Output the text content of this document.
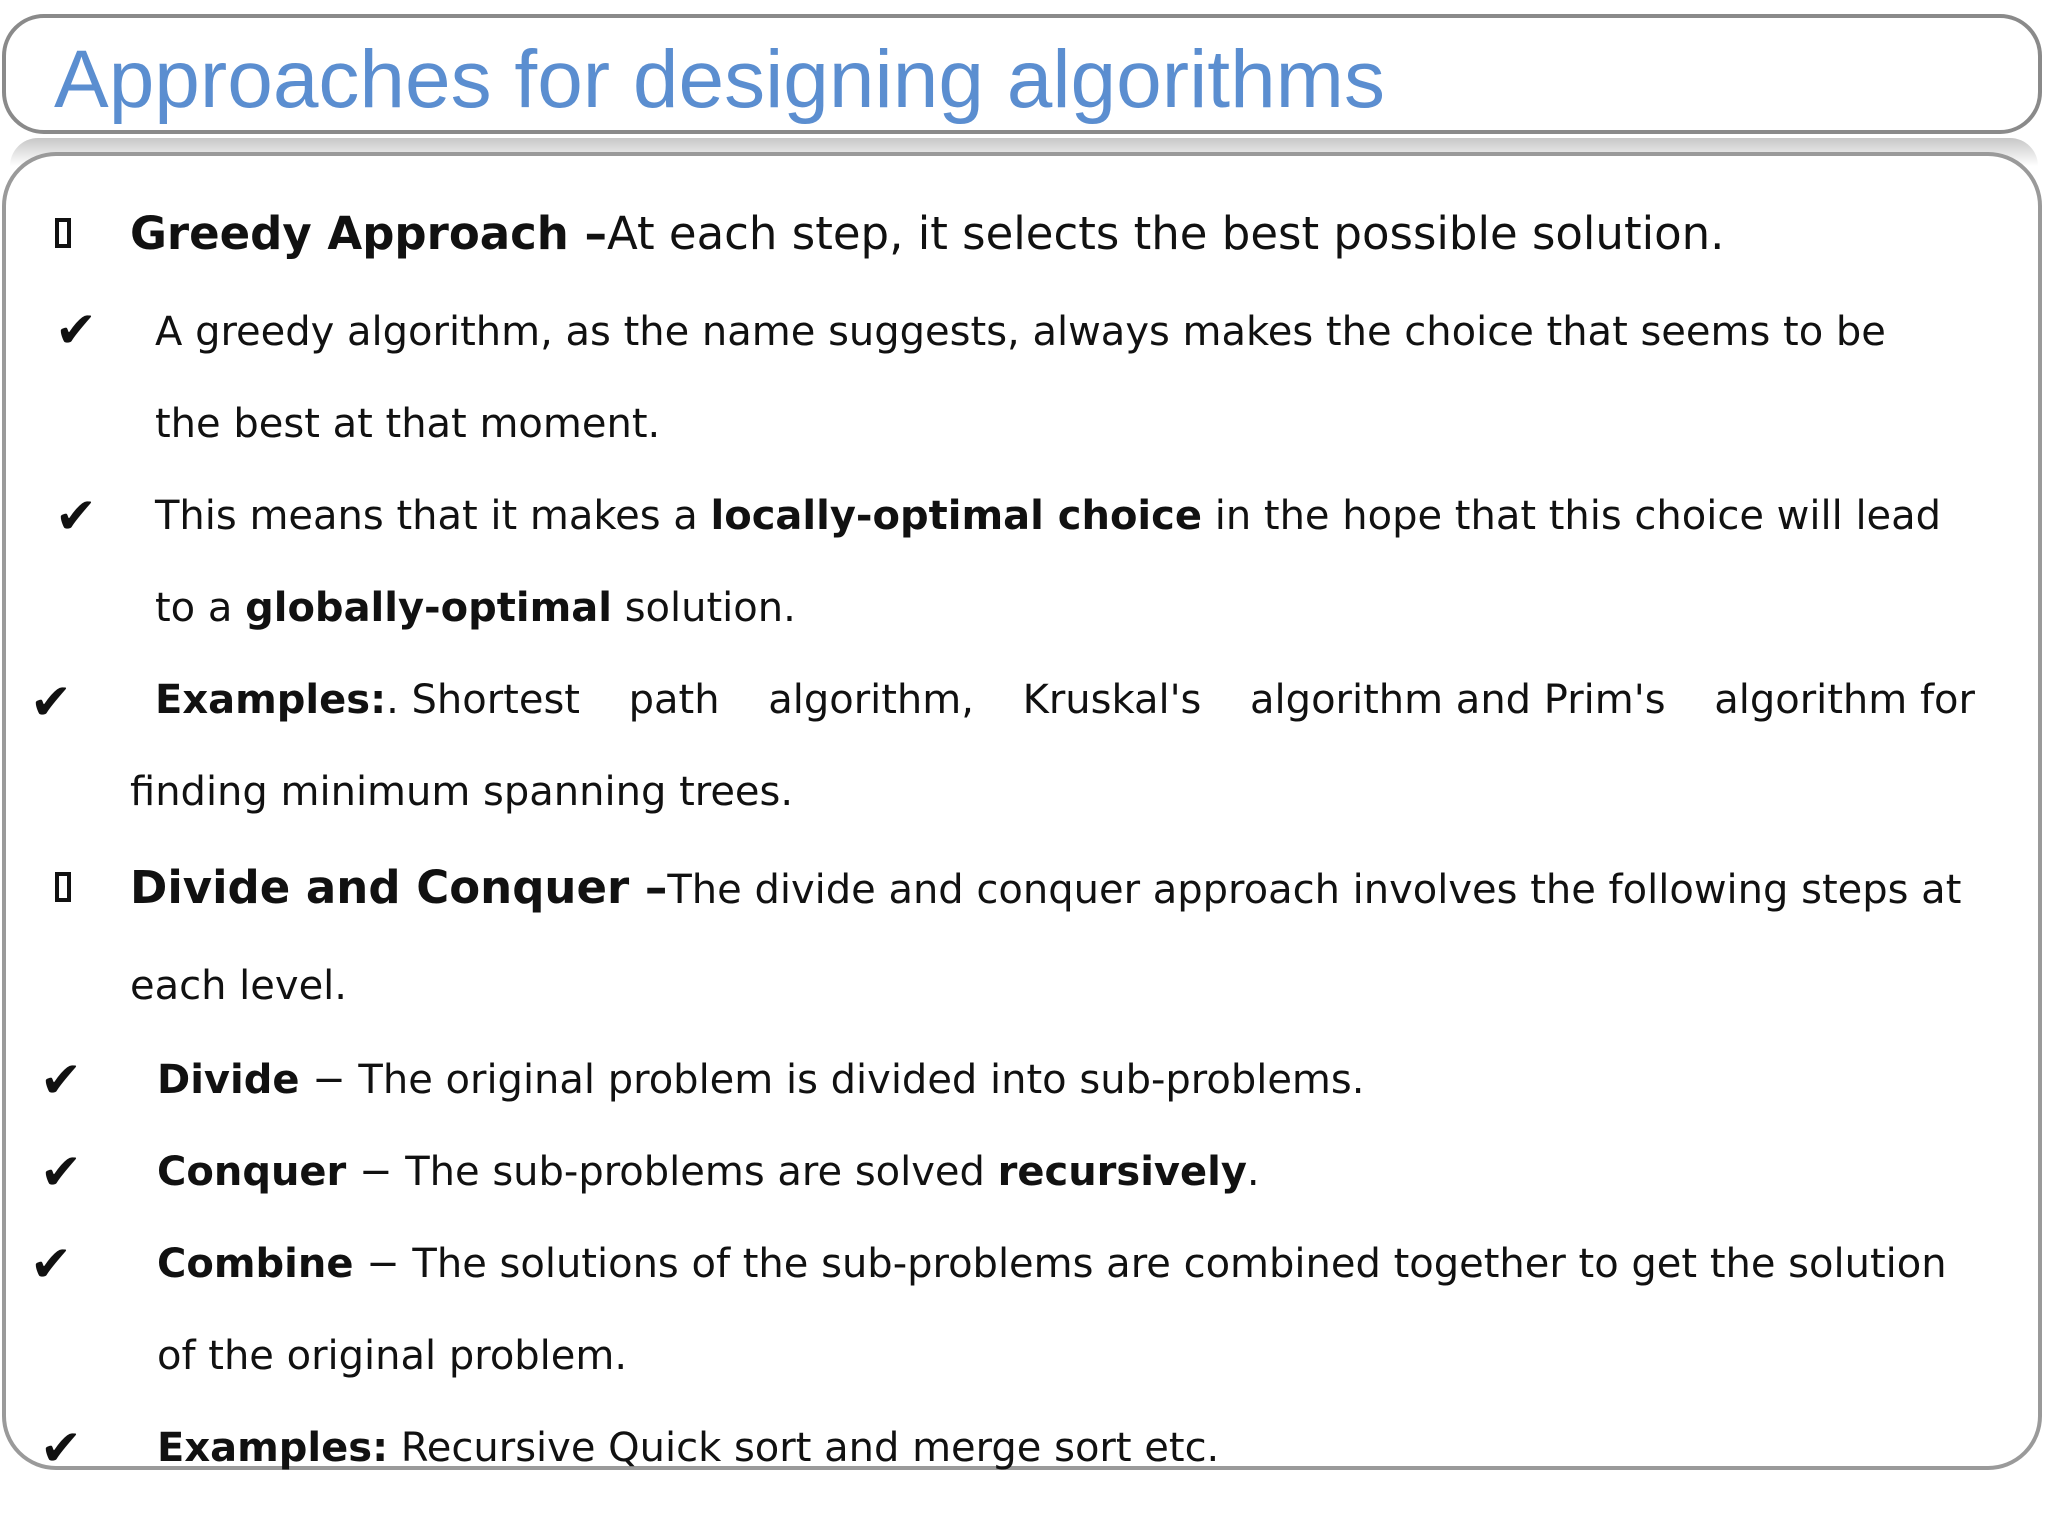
Approaches for designing algorithms
Greedy Approach –At each step, it selects the best possible solution.
✔ A greedy algorithm, as the name suggests, always makes the choice that seems to be
the best at that moment.
✔ This means that it makes a locally-optimal choice in the hope that this choice will lead
to a globally-optimal solution.
✔ Examples:. Shortest path algorithm, Kruskal's algorithm and Prim's algorithm for
finding minimum spanning trees.
Divide and Conquer –The divide and conquer approach involves the following steps at
each level.
✔ Divide − The original problem is divided into sub-problems.
✔ Conquer − The sub-problems are solved recursively.
✔ Combine − The solutions of the sub-problems are combined together to get the solution
of the original problem.
✔ Examples: Recursive Quick sort and merge sort etc.
